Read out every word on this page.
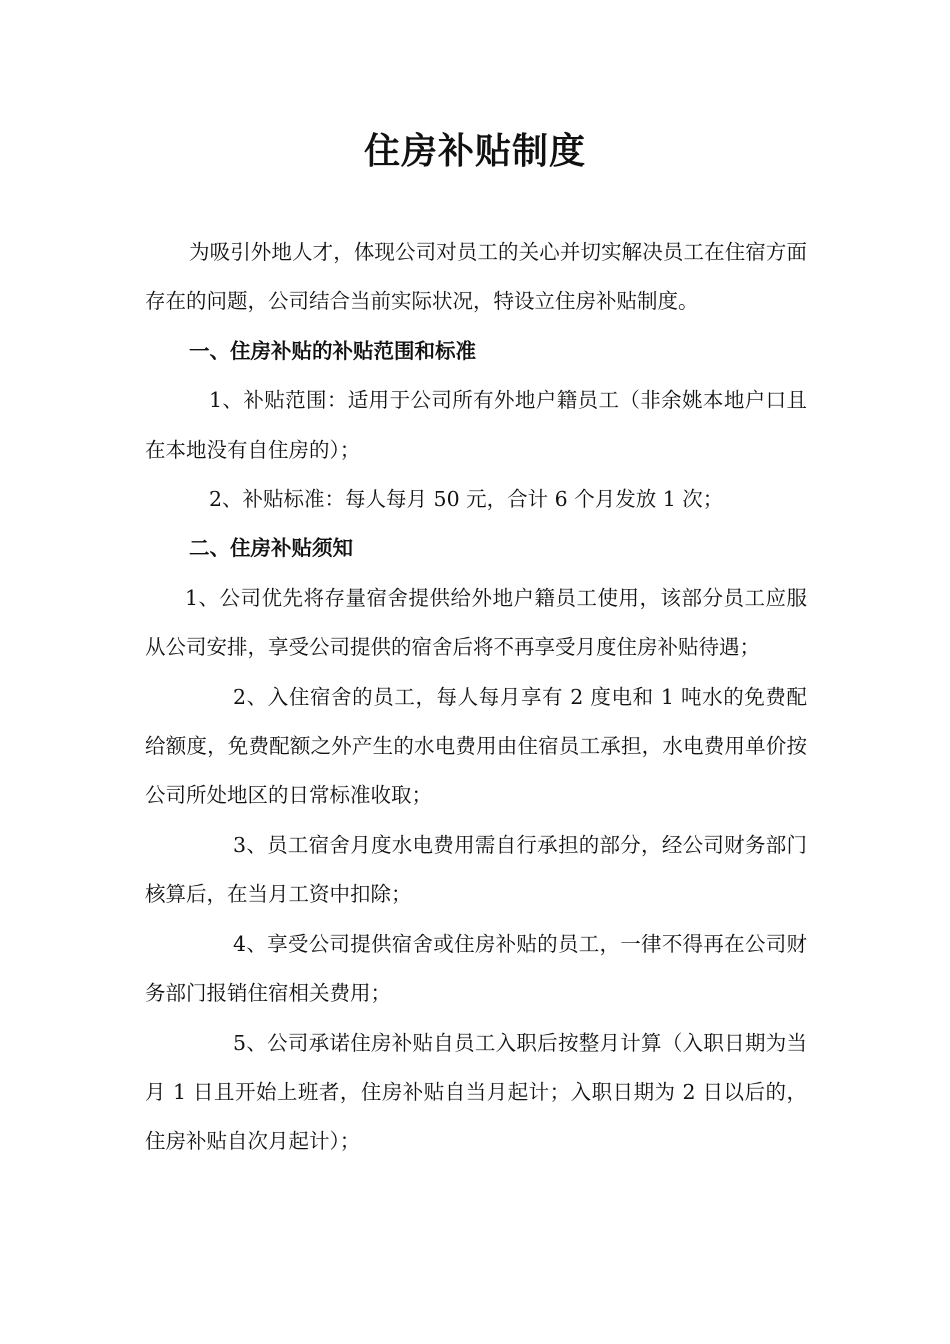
住房补贴制度

为吸引外地人才，体现公司对员工的关心并切实解决员工在住宿方面存在的问题，公司结合当前实际状况，特设立住房补贴制度。

一、住房补贴的补贴范围和标准

1、补贴范围：适用于公司所有外地户籍员工（非余姚本地户口且在本地没有自住房的）；

2、补贴标准：每人每月 50 元，合计 6 个月发放 1 次；

二、住房补贴须知

1、公司优先将存量宿舍提供给外地户籍员工使用，该部分员工应服从公司安排，享受公司提供的宿舍后将不再享受月度住房补贴待遇；

2、入住宿舍的员工，每人每月享有 2 度电和 1 吨水的免费配给额度，免费配额之外产生的水电费用由住宿员工承担，水电费用单价按公司所处地区的日常标准收取；

3、员工宿舍月度水电费用需自行承担的部分，经公司财务部门核算后，在当月工资中扣除；

4、享受公司提供宿舍或住房补贴的员工，一律不得再在公司财务部门报销住宿相关费用；

5、公司承诺住房补贴自员工入职后按整月计算（入职日期为当月 1 日且开始上班者，住房补贴自当月起计；入职日期为 2 日以后的，住房补贴自次月起计）；
